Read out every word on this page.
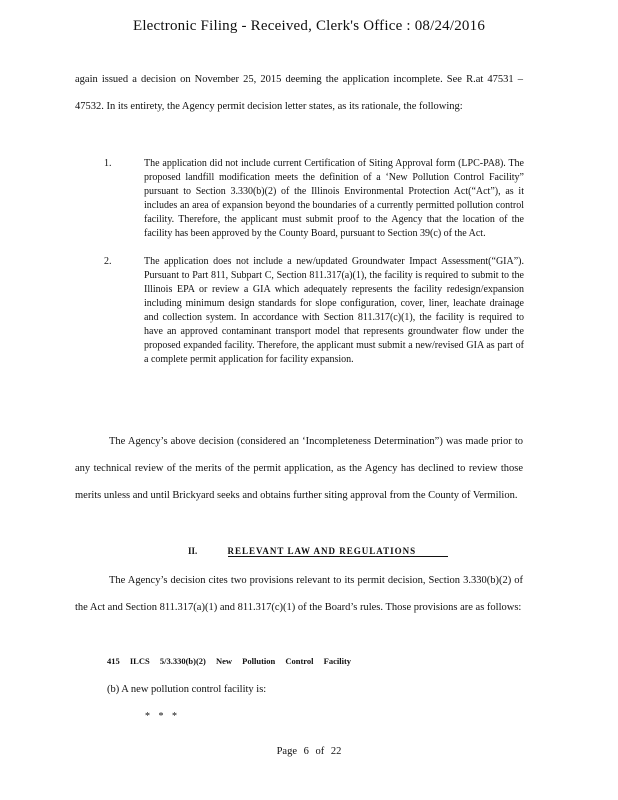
Electronic Filing - Received, Clerk's Office : 08/24/2016
again issued a decision on November 25, 2015 deeming the application incomplete. See R.at 47531 – 47532. In its entirety, the Agency permit decision letter states, as its rationale, the following:
1.	The application did not include current Certification of Siting Approval form (LPC-PA8). The proposed landfill modification meets the definition of a ‘New Pollution Control Facility” pursuant to Section 3.330(b)(2) of the Illinois Environmental Protection Act(“Act”), as it includes an area of expansion beyond the boundaries of a currently permitted pollution control facility. Therefore, the applicant must submit proof to the Agency that the location of the facility has been approved by the County Board, pursuant to Section 39(c) of the Act.
2.	The application does not include a new/updated Groundwater Impact Assessment(“GIA”). Pursuant to Part 811, Subpart C, Section 811.317(a)(1), the facility is required to submit to the Illinois EPA or review a GIA which adequately represents the facility redesign/expansion including minimum design standards for slope configuration, cover, liner, leachate drainage and collection system. In accordance with Section 811.317(c)(1), the facility is required to have an approved contaminant transport model that represents groundwater flow under the proposed expanded facility. Therefore, the applicant must submit a new/revised GIA as part of a complete permit application for facility expansion.
The Agency’s above decision (considered an ‘Incompleteness Determination”) was made prior to any technical review of the merits of the permit application, as the Agency has declined to review those merits unless and until Brickyard seeks and obtains further siting approval from the County of Vermilion.
II.	RELEVANT LAW AND REGULATIONS
The Agency’s decision cites two provisions relevant to its permit decision, Section 3.330(b)(2) of the Act and Section 811.317(a)(1) and 811.317(c)(1) of the Board’s rules. Those provisions are as follows:
415 ILCS 5/3.330(b)(2) New Pollution Control Facility
(b) A new pollution control facility is:
* * *
Page 6 of 22
